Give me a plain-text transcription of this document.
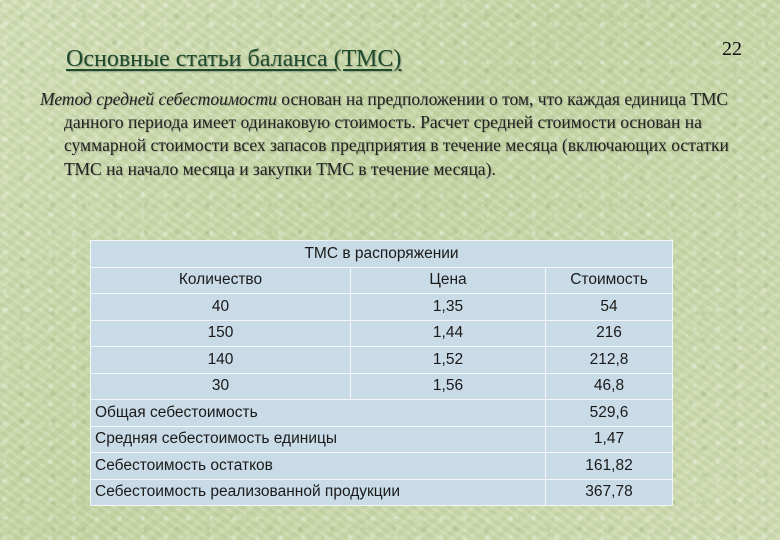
Основные статьи баланса (ТМС)	22

Метод средней себестоимости основан на предположении о том, что каждая единица ТМС данного периода имеет одинаковую стоимость. Расчет средней стоимости основан на суммарной стоимости всех запасов предприятия в течение месяца (включающих остатки ТМС на начало месяца и закупки ТМС в течение месяца).

ТМС в распоряжении		
Количество	Цена	Стоимость
40	1,35	54
150	1,44	216
140	1,52	212,8
30	1,56	46,8
Общая себестоимость		529,6
Средняя себестоимость единицы		1,47
Себестоимость остатков		161,82
Себестоимость реализованной продукции		367,78
